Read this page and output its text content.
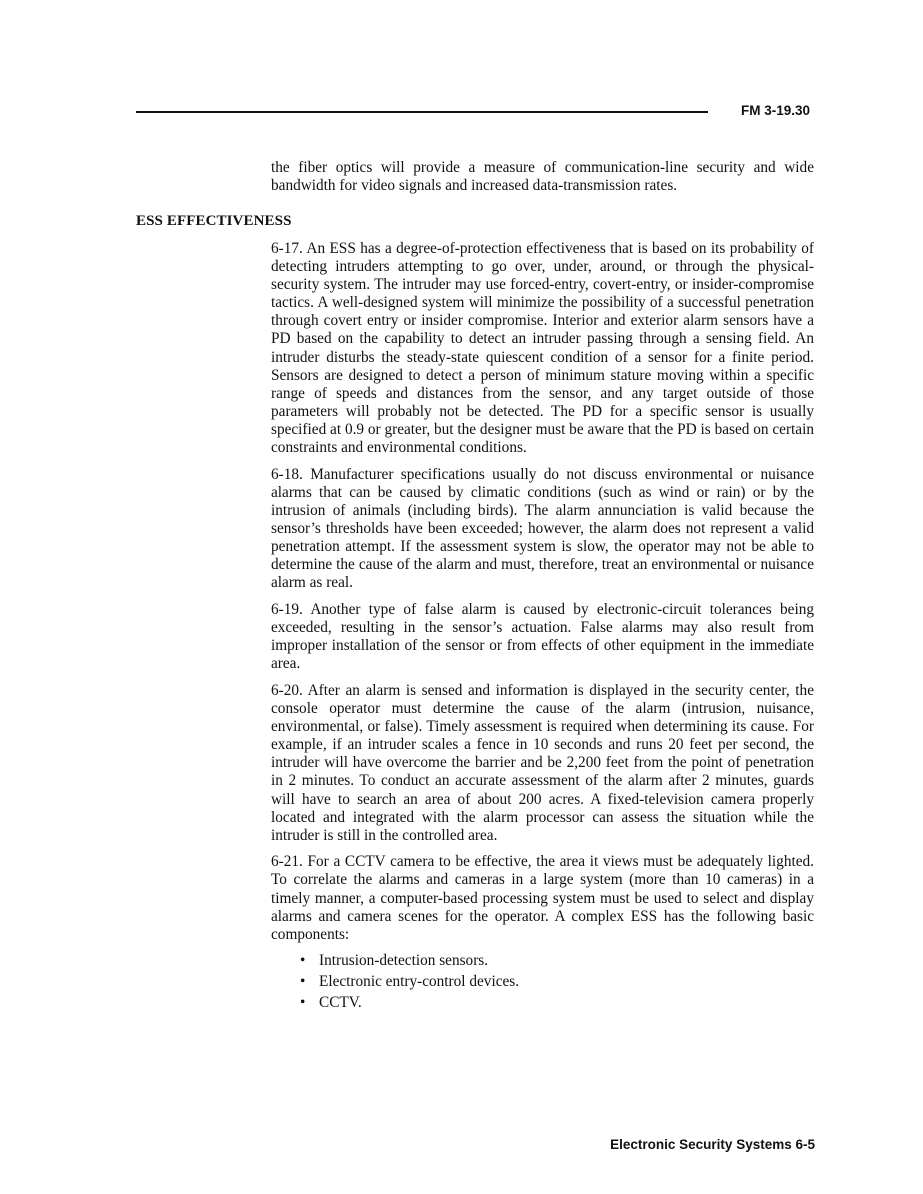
FM 3-19.30
the fiber optics will provide a measure of communication-line security and wide bandwidth for video signals and increased data-transmission rates.
ESS EFFECTIVENESS

6-17. An ESS has a degree-of-protection effectiveness that is based on its probability of detecting intruders attempting to go over, under, around, or through the physical-security system. The intruder may use forced-entry, covert-entry, or insider-compromise tactics. A well-designed system will minimize the possibility of a successful penetration through covert entry or insider compromise. Interior and exterior alarm sensors have a PD based on the capability to detect an intruder passing through a sensing field. An intruder disturbs the steady-state quiescent condition of a sensor for a finite period. Sensors are designed to detect a person of minimum stature moving within a specific range of speeds and distances from the sensor, and any target outside of those parameters will probably not be detected. The PD for a specific sensor is usually specified at 0.9 or greater, but the designer must be aware that the PD is based on certain constraints and environmental conditions.

6-18. Manufacturer specifications usually do not discuss environmental or nuisance alarms that can be caused by climatic conditions (such as wind or rain) or by the intrusion of animals (including birds). The alarm annunciation is valid because the sensor’s thresholds have been exceeded; however, the alarm does not represent a valid penetration attempt. If the assessment system is slow, the operator may not be able to determine the cause of the alarm and must, therefore, treat an environmental or nuisance alarm as real.

6-19. Another type of false alarm is caused by electronic-circuit tolerances being exceeded, resulting in the sensor’s actuation. False alarms may also result from improper installation of the sensor or from effects of other equipment in the immediate area.

6-20. After an alarm is sensed and information is displayed in the security center, the console operator must determine the cause of the alarm (intrusion, nuisance, environmental, or false). Timely assessment is required when determining its cause. For example, if an intruder scales a fence in 10 seconds and runs 20 feet per second, the intruder will have overcome the barrier and be 2,200 feet from the point of penetration in 2 minutes. To conduct an accurate assessment of the alarm after 2 minutes, guards will have to search an area of about 200 acres. A fixed-television camera properly located and integrated with the alarm processor can assess the situation while the intruder is still in the controlled area.

6-21. For a CCTV camera to be effective, the area it views must be adequately lighted. To correlate the alarms and cameras in a large system (more than 10 cameras) in a timely manner, a computer-based processing system must be used to select and display alarms and camera scenes for the operator. A complex ESS has the following basic components:

• Intrusion-detection sensors.
• Electronic entry-control devices.
• CCTV.
Electronic Security Systems 6-5
